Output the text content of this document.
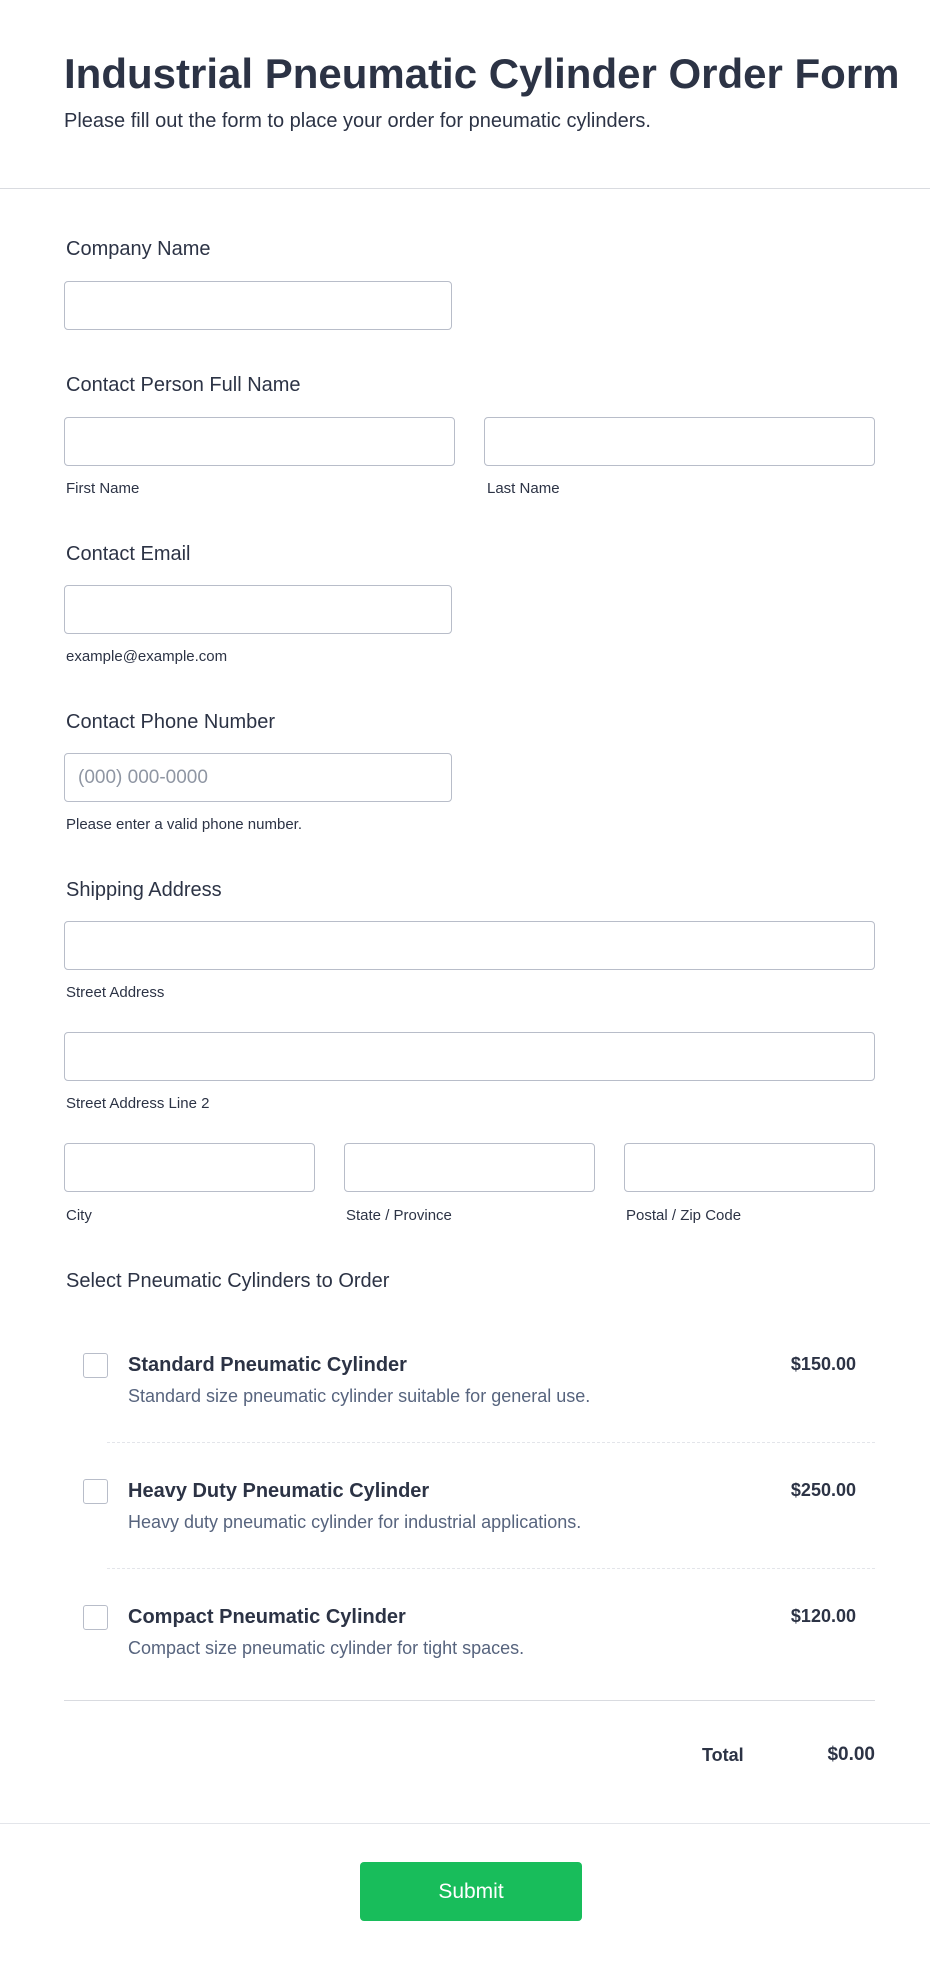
Industrial Pneumatic Cylinder Order Form

Please fill out the form to place your order for pneumatic cylinders.

Company Name
Contact Person Full Name
First Name	Last Name
Contact Email
example@example.com
Contact Phone Number
(000) 000-0000
Please enter a valid phone number.
Shipping Address
Street Address
Street Address Line 2
City	State / Province	Postal / Zip Code
Select Pneumatic Cylinders to Order
Standard Pneumatic Cylinder
Standard size pneumatic cylinder suitable for general use.
$150.00
Heavy Duty Pneumatic Cylinder
Heavy duty pneumatic cylinder for industrial applications.
$250.00
Compact Pneumatic Cylinder
Compact size pneumatic cylinder for tight spaces.
$120.00
Total	$0.00
Submit
